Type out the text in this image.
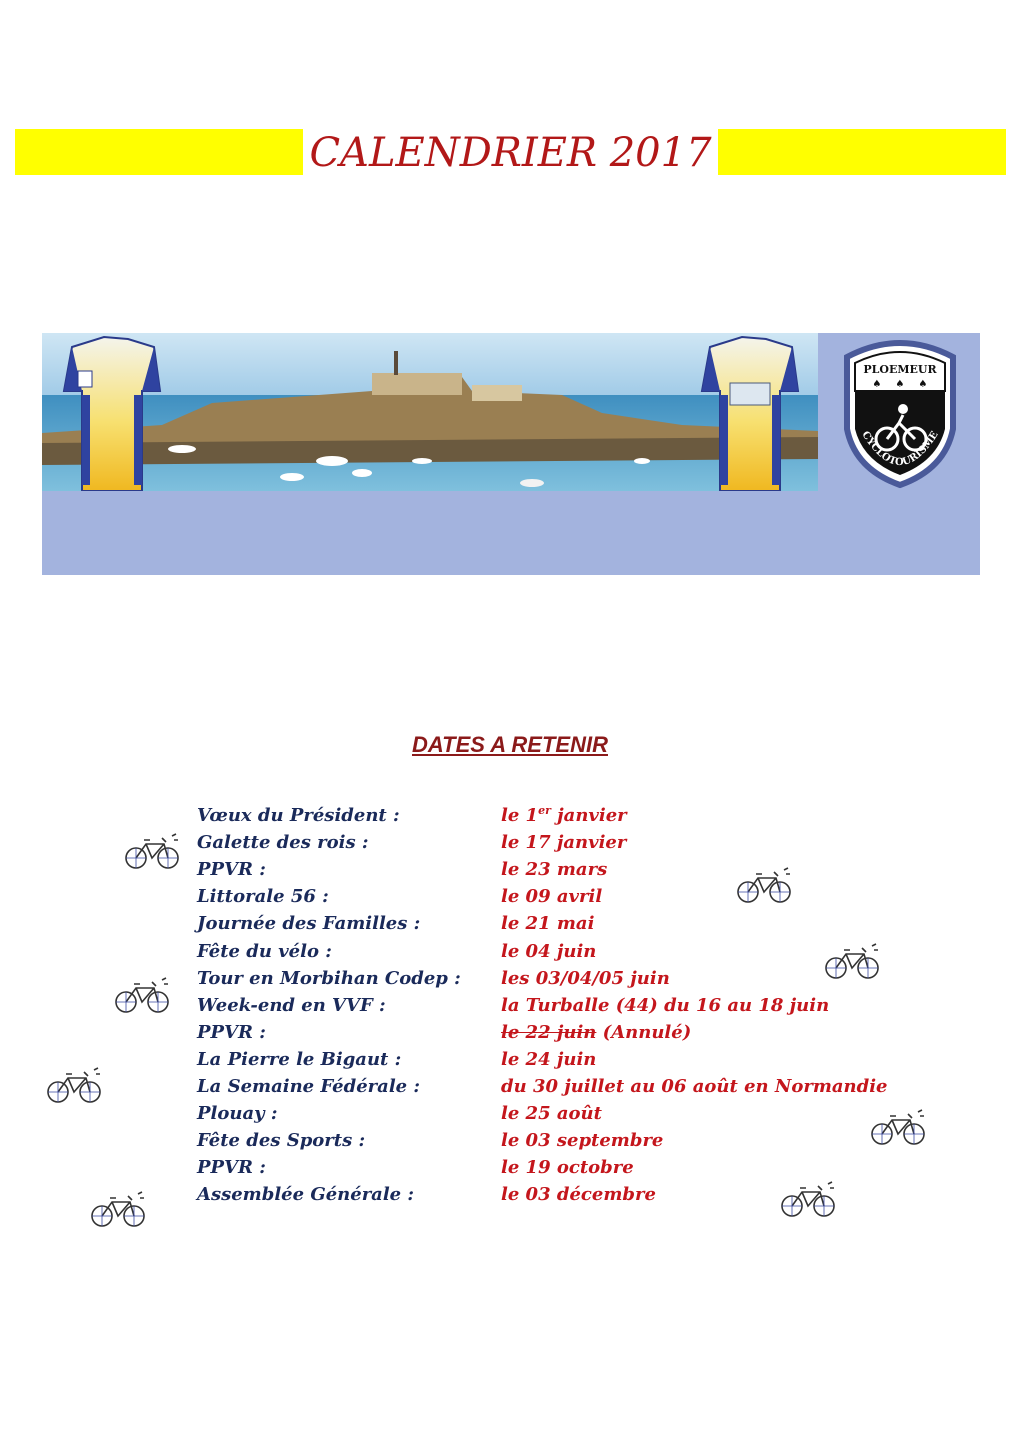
CALENDRIER 2017
PLOEMEUR
♠ ♠ ♠
CYCLOTOURISME
DATES A RETENIR
Vœux du Président :	le 1er janvier
Galette des rois :	le 17 janvier
PPVR :	le 23 mars
Littorale 56 :	le 09 avril
Journée des Familles :	le 21 mai
Fête du vélo :	le 04 juin
Tour en Morbihan Codep : les 03/04/05 juin
Week-end en VVF :	la Turballe (44) du 16 au 18 juin
PPVR :	le 22 juin (Annulé)
La Pierre le Bigaut :	le 24 juin
La Semaine Fédérale :	du 30 juillet au 06 août en Normandie
Plouay :	le 25 août
Fête des Sports :	le 03 septembre
PPVR :	le 19 octobre
Assemblée Générale :	le 03 décembre
